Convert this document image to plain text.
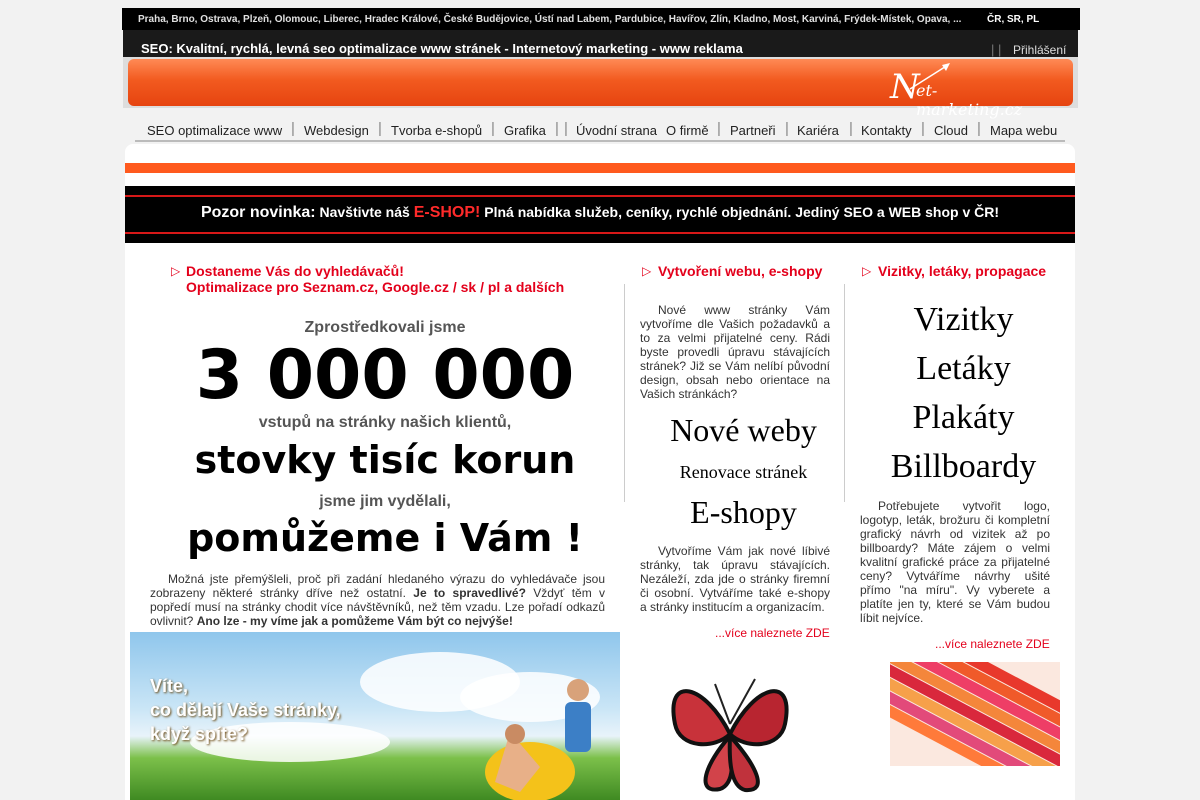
Praha, Brno, Ostrava, Plzeň, Olomouc, Liberec, Hradec Králové, České Budějovice, Ústí nad Labem, Pardubice, Havířov, Zlín, Kladno, Most, Karviná, Frýdek-Místek, Opava, ...	ČR, SR, PL
SEO: Kvalitní, rychlá, levná seo optimalizace www stránek - Internetový marketing - www reklama	| | Přihlášení
N
et-marketing.cz
SEO optimalizace www | Webdesign | Tvorba e-shopů | Grafika | | Úvodní strana O firmě | Partneři | Kariéra | Kontakty | Cloud | Mapa webu
Pozor novinka: Navštivte náš E-SHOP! Plná nabídka služeb, ceníky, rychlé objednání. Jediný SEO a WEB shop v ČR!
▷ Dostaneme Vás do vyhledávačů!
Optimalizace pro Seznam.cz, Google.cz / sk / pl a dalších
Zprostředkovali jsme
3 000 000
vstupů na stránky našich klientů,
stovky tisíc korun
jsme jim vydělali,
pomůžeme i Vám !
Možná jste přemýšleli, proč při zadání hledaného výrazu do vyhledávače jsou zobrazeny některé stránky dříve než ostatní. Je to spravedlivé? Vždyť těm v popředí musí na stránky chodit více návštěvníků, než těm vzadu. Lze pořadí odkazů ovlivnit? Ano lze - my víme jak a pomůžeme Vám být co nejvýše!
▷ Vytvoření webu, e-shopy
Nové www stránky Vám vytvoříme dle Vašich požadavků a to za velmi přijatelné ceny. Rádi byste provedli úpravu stávajících stránek? Již se Vám nelíbí původní design, obsah nebo orientace na Vašich stránkách?
Nové weby
Renovace stránek
E-shopy
Vytvoříme Vám jak nové líbivé stránky, tak úpravu stávajících. Nezáleží, zda jde o stránky firemní či osobní. Vytváříme také e-shopy a stránky institucím a organizacím.
...více naleznete ZDE
▷ Vizitky, letáky, propagace
Vizitky
Letáky
Plakáty
Billboardy
Potřebujete vytvořit logo, logotyp, leták, brožuru či kompletní grafický návrh od vizitek až po billboardy? Máte zájem o velmi kvalitní grafické práce za přijatelné ceny? Vytváříme návrhy ušité přímo "na míru". Vy vyberete a platíte jen ty, které se Vám budou líbit nejvíce.
...více naleznete ZDE
Víte,
co dělají Vaše stránky,
když spíte?
